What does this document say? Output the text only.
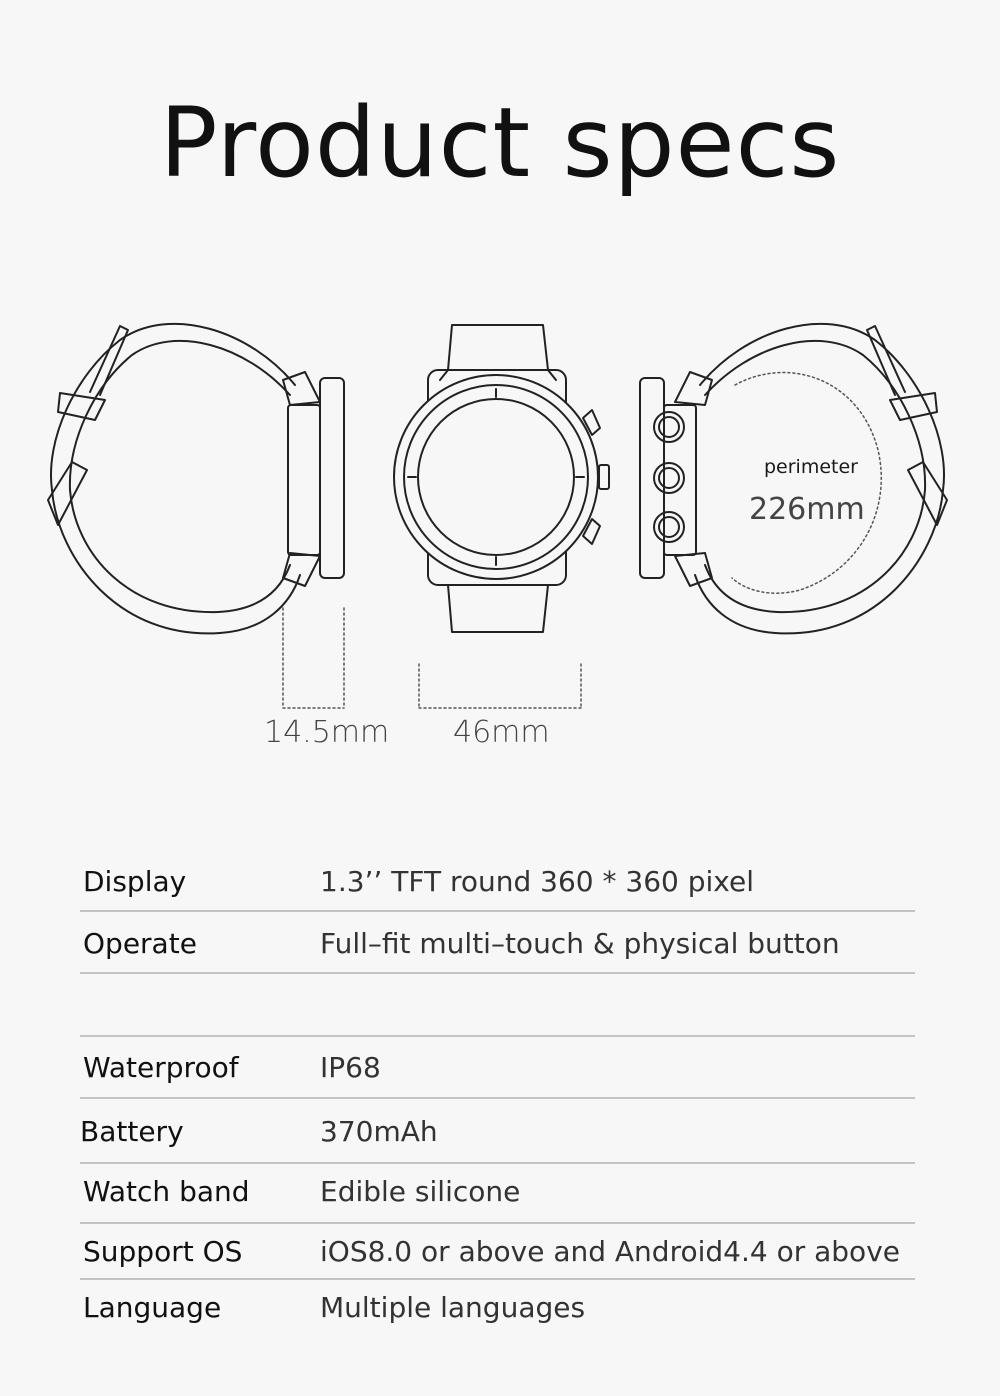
Product specs
perimeter
226mm
14.5mm 46mm
Display	1.3’’ TFT round 360 * 360 pixel
Operate	Full–fit multi–touch & physical button
Waterproof	IP68
Battery	370mAh
Watch band	Edible silicone
Support OS	iOS8.0 or above and Android4.4 or above
Language	Multiple languages
